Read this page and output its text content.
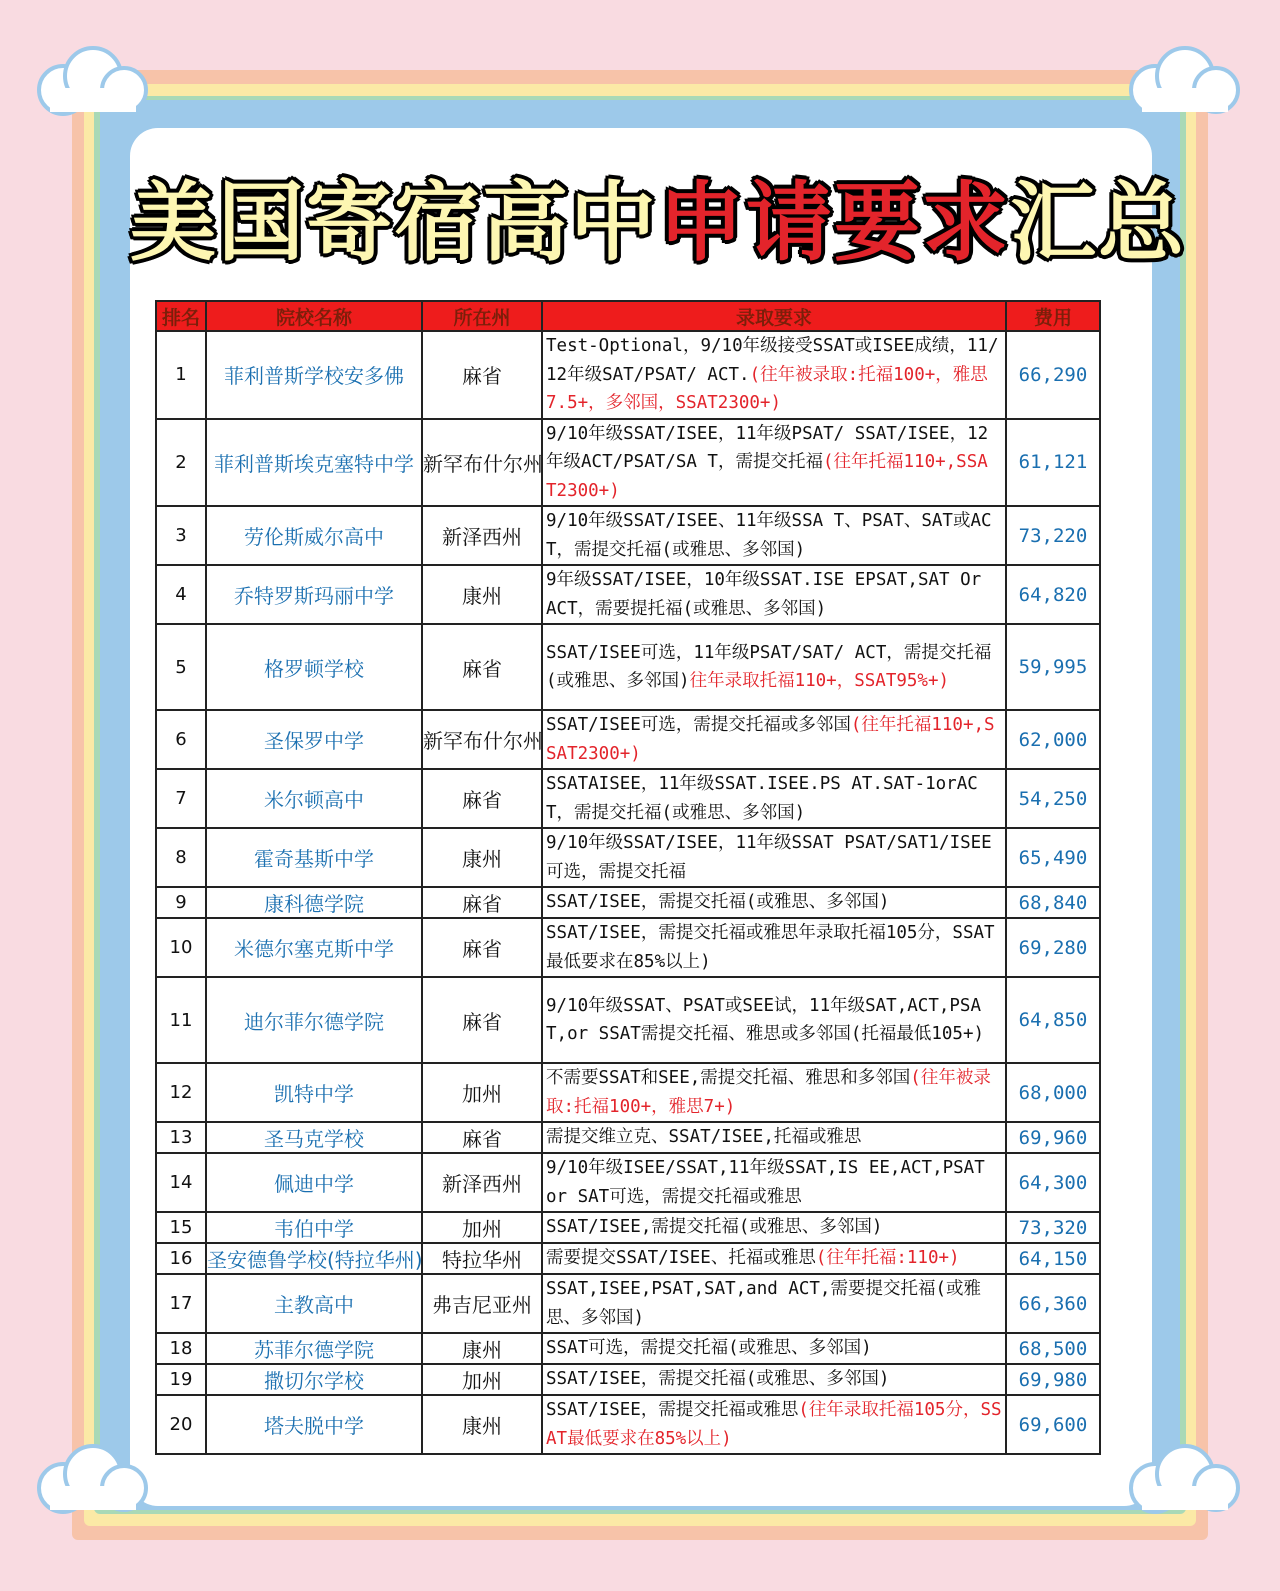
美国寄宿高中申请要求汇总
排名	院校名称	所在州	录取要求	费用
1	菲利普斯学校安多佛	麻省	Test-Optional，9/10年级接受SSAT或ISEE成绩，11/12年级SAT/PSAT/ ACT.(往年被录取:托福100+，雅思7.5+，多邻国，SSAT2300+)	66,290
2	菲利普斯埃克塞特中学	新罕布什尔州	9/10年级SSAT/ISEE，11年级PSAT/ SSAT/ISEE，12年级ACT/PSAT/SA T，需提交托福(往年托福110+,SSA T2300+)	61,121
3	劳伦斯威尔高中	新泽西州	9/10年级SSAT/ISEE、11年级SSA T、PSAT、SAT或ACT，需提交托福(或雅思、多邻国)	73,220
4	乔特罗斯玛丽中学	康州	9年级SSAT/ISEE，10年级SSAT.ISE EPSAT,SAT Or ACT，需要提托福(或雅思、多邻国)	64,820
5	格罗顿学校	麻省	SSAT/ISEE可选，11年级PSAT/SAT/ ACT，需提交托福(或雅思、多邻国)往年录取托福110+，SSAT95%+)	59,995
6	圣保罗中学	新罕布什尔州	SSAT/ISEE可选，需提交托福或多邻国(往年托福110+,SSAT2300+)	62,000
7	米尔顿高中	麻省	SSATAISEE，11年级SSAT.ISEE.PS AT.SAT-1orACT，需提交托福(或雅思、多邻国)	54,250
8	霍奇基斯中学	康州	9/10年级SSAT/ISEE，11年级SSAT PSAT/SAT1/ISEE可选，需提交托福	65,490
9	康科德学院	麻省	SSAT/ISEE，需提交托福(或雅思、多邻国)	68,840
10	米德尔塞克斯中学	麻省	SSAT/ISEE，需提交托福或雅思年录取托福105分，SSAT最低要求在85%以上)	69,280
11	迪尔菲尔德学院	麻省	9/10年级SSAT、PSAT或SEE试，11年级SAT,ACT,PSAT,or SSAT需提交托福、雅思或多邻国(托福最低105+)	64,850
12	凯特中学	加州	不需要SSAT和SEE,需提交托福、雅思和多邻国(往年被录取:托福100+，雅思7+)	68,000
13	圣马克学校	麻省	需提交维立克、SSAT/ISEE,托福或雅思	69,960
14	佩迪中学	新泽西州	9/10年级ISEE/SSAT,11年级SSAT,IS EE,ACT,PSAT or SAT可选，需提交托福或雅思	64,300
15	韦伯中学	加州	SSAT/ISEE,需提交托福(或雅思、多邻国)	73,320
16	圣安德鲁学校(特拉华州)	特拉华州	需要提交SSAT/ISEE、托福或雅思(往年托福:110+)	64,150
17	主教高中	弗吉尼亚州	SSAT,ISEE,PSAT,SAT,and ACT,需要提交托福(或雅思、多邻国)	66,360
18	苏菲尔德学院	康州	SSAT可选，需提交托福(或雅思、多邻国)	68,500
19	撒切尔学校	加州	SSAT/ISEE，需提交托福(或雅思、多邻国)	69,980
20	塔夫脱中学	康州	SSAT/ISEE，需提交托福或雅思(往年录取托福105分，SSAT最低要求在85%以上)	69,600
